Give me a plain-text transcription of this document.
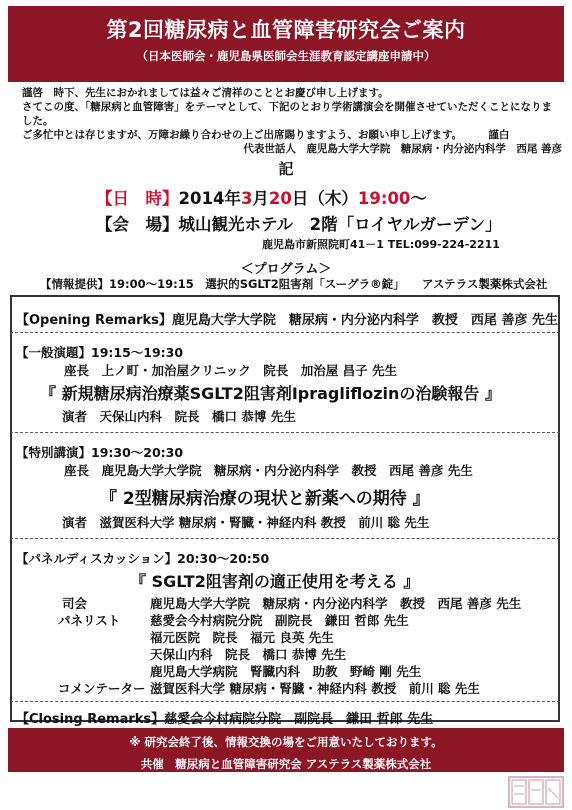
第2回糖尿病と血管障害研究会ご案内
（日本医師会・鹿児島県医師会生涯教育認定講座申請中）
謹啓　時下、先生におかれましては益々ご清祥のこととお慶び申し上げます。
さてこの度、「糖尿病と血管障害」をテーマとして、下記のとおり学術講演会を開催させていただくことになりました。
ご多忙中とは存じますが、万障お繰り合わせの上ご出席賜りますよう、お願い申し上げます。　　　謹白
代表世話人　鹿児島大学大学院　糖尿病・内分泌内科学　西尾 善彦
記
【日　時】2014年3月20日（木）19:00～
【会　場】城山観光ホテル　2階「ロイヤルガーデン」
鹿児島市新照院町41－1 TEL:099-224-2211
＜プログラム＞
【情報提供】19:00～19:15　選択的SGLT2阻害剤「スーグラ®錠」　　アステラス製薬株式会社
【Opening Remarks】鹿児島大学大学院　糖尿病・内分泌内科学　教授　西尾 善彦 先生
【一般演題】19:15～19:30
座長　上ノ町・加治屋クリニック　院長　加治屋 昌子 先生
『 新規糖尿病治療薬SGLT2阻害剤Ipragliflozinの治験報告 』
演者　天保山内科　院長　橋口 恭博 先生
【特別講演】19:30～20:30
座長　鹿児島大学大学院　糖尿病・内分泌内科学　教授　西尾 善彦 先生
『 2型糖尿病治療の現状と新薬への期待 』
演者　滋賀医科大学 糖尿病・腎臓・神経内科 教授　前川 聡 先生
【パネルディスカッション】20:30～20:50
『 SGLT2阻害剤の適正使用を考える 』
司会	鹿児島大学大学院　糖尿病・内分泌内科学　教授　西尾 善彦 先生
パネリスト 慈愛会今村病院分院　副院長　鎌田 哲郎 先生
福元医院　院長　福元 良英 先生
天保山内科　院長　橋口 恭博 先生
鹿児島大学病院　腎臓内科　助教　野崎 剛 先生
コメンテーター 滋賀医科大学 糖尿病・腎臓・神経内科 教授　前川 聡 先生
【Closing Remarks】慈愛会今村病院分院　副院長　鎌田 哲郎 先生
※ 研究会終了後、情報交換の場をご用意いたしております。
共催　糖尿病と血管障害研究会 アステラス製薬株式会社
